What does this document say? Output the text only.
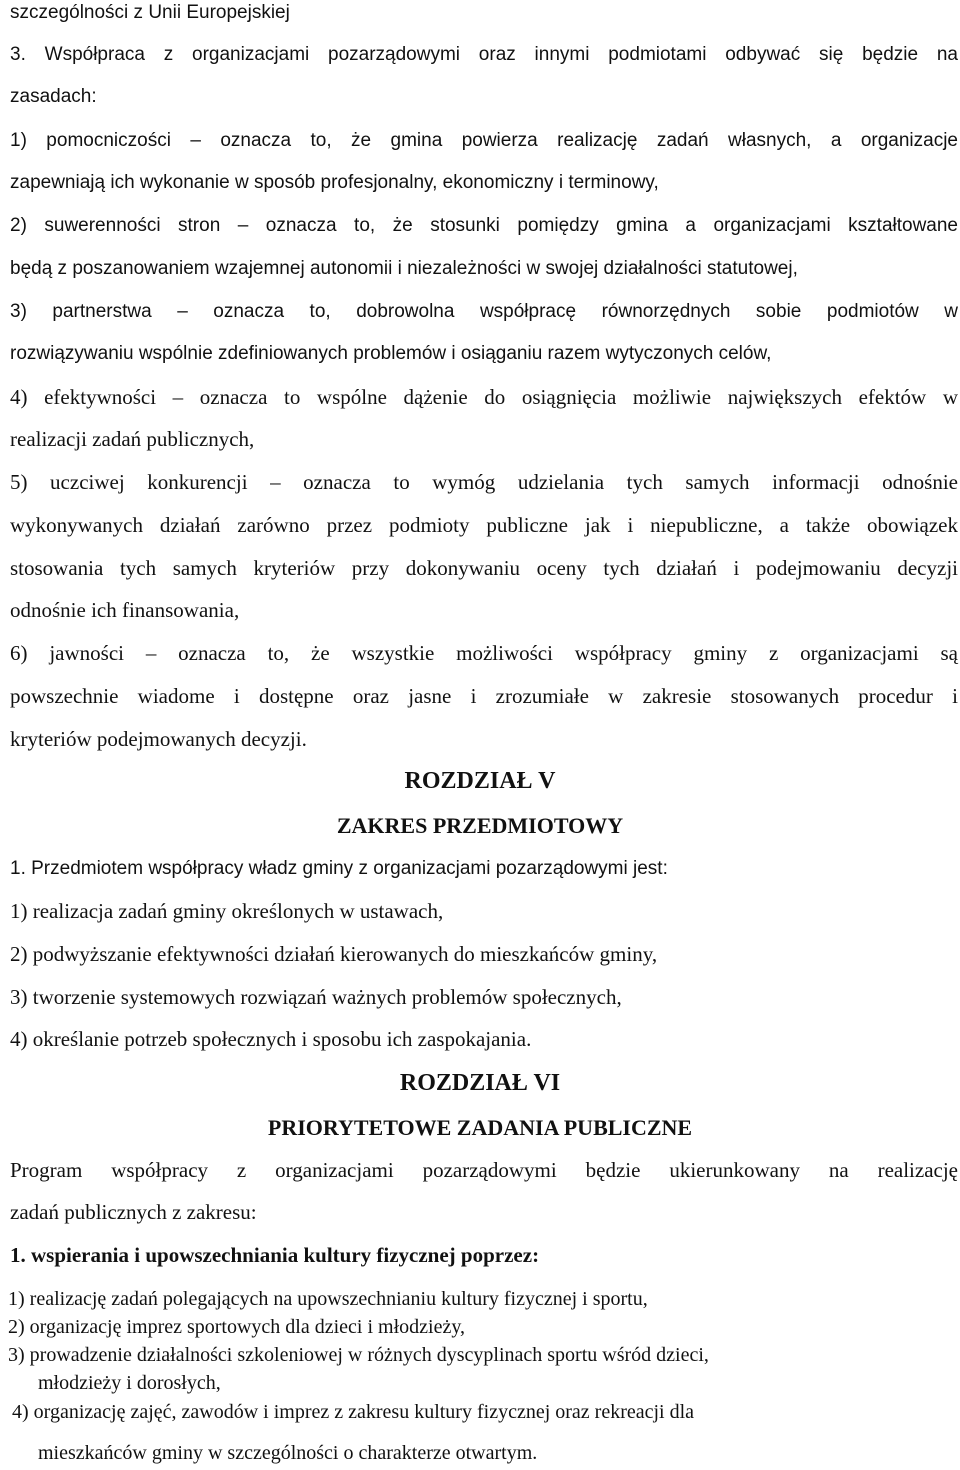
szczególności z Unii Europejskiej
3. Współpraca z organizacjami pozarządowymi oraz innymi podmiotami odbywać się będzie na
zasadach:
1) pomocniczości – oznacza to, że gmina powierza realizację zadań własnych, a organizacje
zapewniają ich wykonanie w sposób profesjonalny, ekonomiczny i terminowy,
2) suwerenności stron – oznacza to, że stosunki pomiędzy gmina a organizacjami kształtowane
będą z poszanowaniem wzajemnej autonomii i niezależności w swojej działalności statutowej,
3) partnerstwa – oznacza to, dobrowolna współpracę równorzędnych sobie podmiotów w
rozwiązywaniu wspólnie zdefiniowanych problemów i osiąganiu razem wytyczonych celów,
4) efektywności – oznacza to wspólne dążenie do osiągnięcia możliwie największych efektów w
realizacji zadań publicznych,
5) uczciwej konkurencji – oznacza to wymóg udzielania tych samych informacji odnośnie
wykonywanych działań zarówno przez podmioty publiczne jak i niepubliczne, a także obowiązek
stosowania tych samych kryteriów przy dokonywaniu oceny tych działań i podejmowaniu decyzji
odnośnie ich finansowania,
6) jawności – oznacza to, że wszystkie możliwości współpracy gminy z organizacjami są
powszechnie wiadome i dostępne oraz jasne i zrozumiałe w zakresie stosowanych procedur i
kryteriów podejmowanych decyzji.
ROZDZIAŁ V
ZAKRES PRZEDMIOTOWY
1. Przedmiotem współpracy władz gminy z organizacjami pozarządowymi jest:
1) realizacja zadań gminy określonych w ustawach,
2) podwyższanie efektywności działań kierowanych do mieszkańców gminy,
3) tworzenie systemowych rozwiązań ważnych problemów społecznych,
4) określanie potrzeb społecznych i sposobu ich zaspokajania.
ROZDZIAŁ VI
PRIORYTETOWE ZADANIA PUBLICZNE
Program współpracy z organizacjami pozarządowymi będzie ukierunkowany na realizację
zadań publicznych z zakresu:
1. wspierania i upowszechniania kultury fizycznej poprzez:
1) realizację zadań polegających na upowszechnianiu kultury fizycznej i sportu,
2) organizację imprez sportowych dla dzieci i młodzieży,
3) prowadzenie działalności szkoleniowej w różnych dyscyplinach sportu wśród dzieci,
młodzieży i dorosłych,
4) organizację zajęć, zawodów i imprez z zakresu kultury fizycznej oraz rekreacji dla
mieszkańców gminy w szczególności o charakterze otwartym.
